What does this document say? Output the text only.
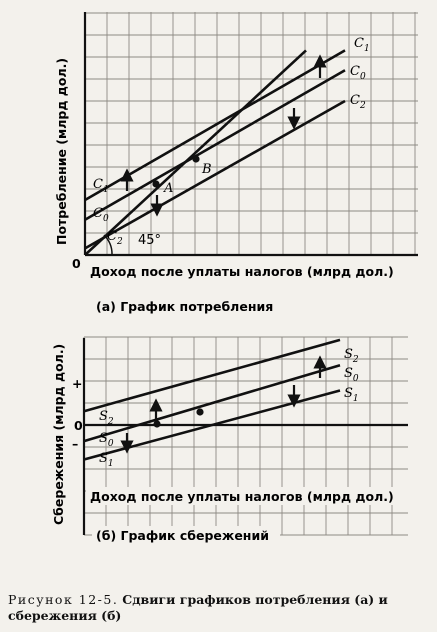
0
Потребление (млрд дол.)
Доход после уплаты налогов (млрд дол.)
(а) График потребления
45°
A
B
$C_1$
$C_0$
$C_2$
$C_1$
$C_0$
$C_2$
0
+
–
Сбережения (млрд дол.) Доход после уплаты налогов (млрд дол.)
(б) График сбережений
$S_2$
$S_0$
$S_1$
$S_2$
$S_0$
$S_1$
Рисунок 12-5. Сдвиги графиков потребления (а) и сбережения (б)
